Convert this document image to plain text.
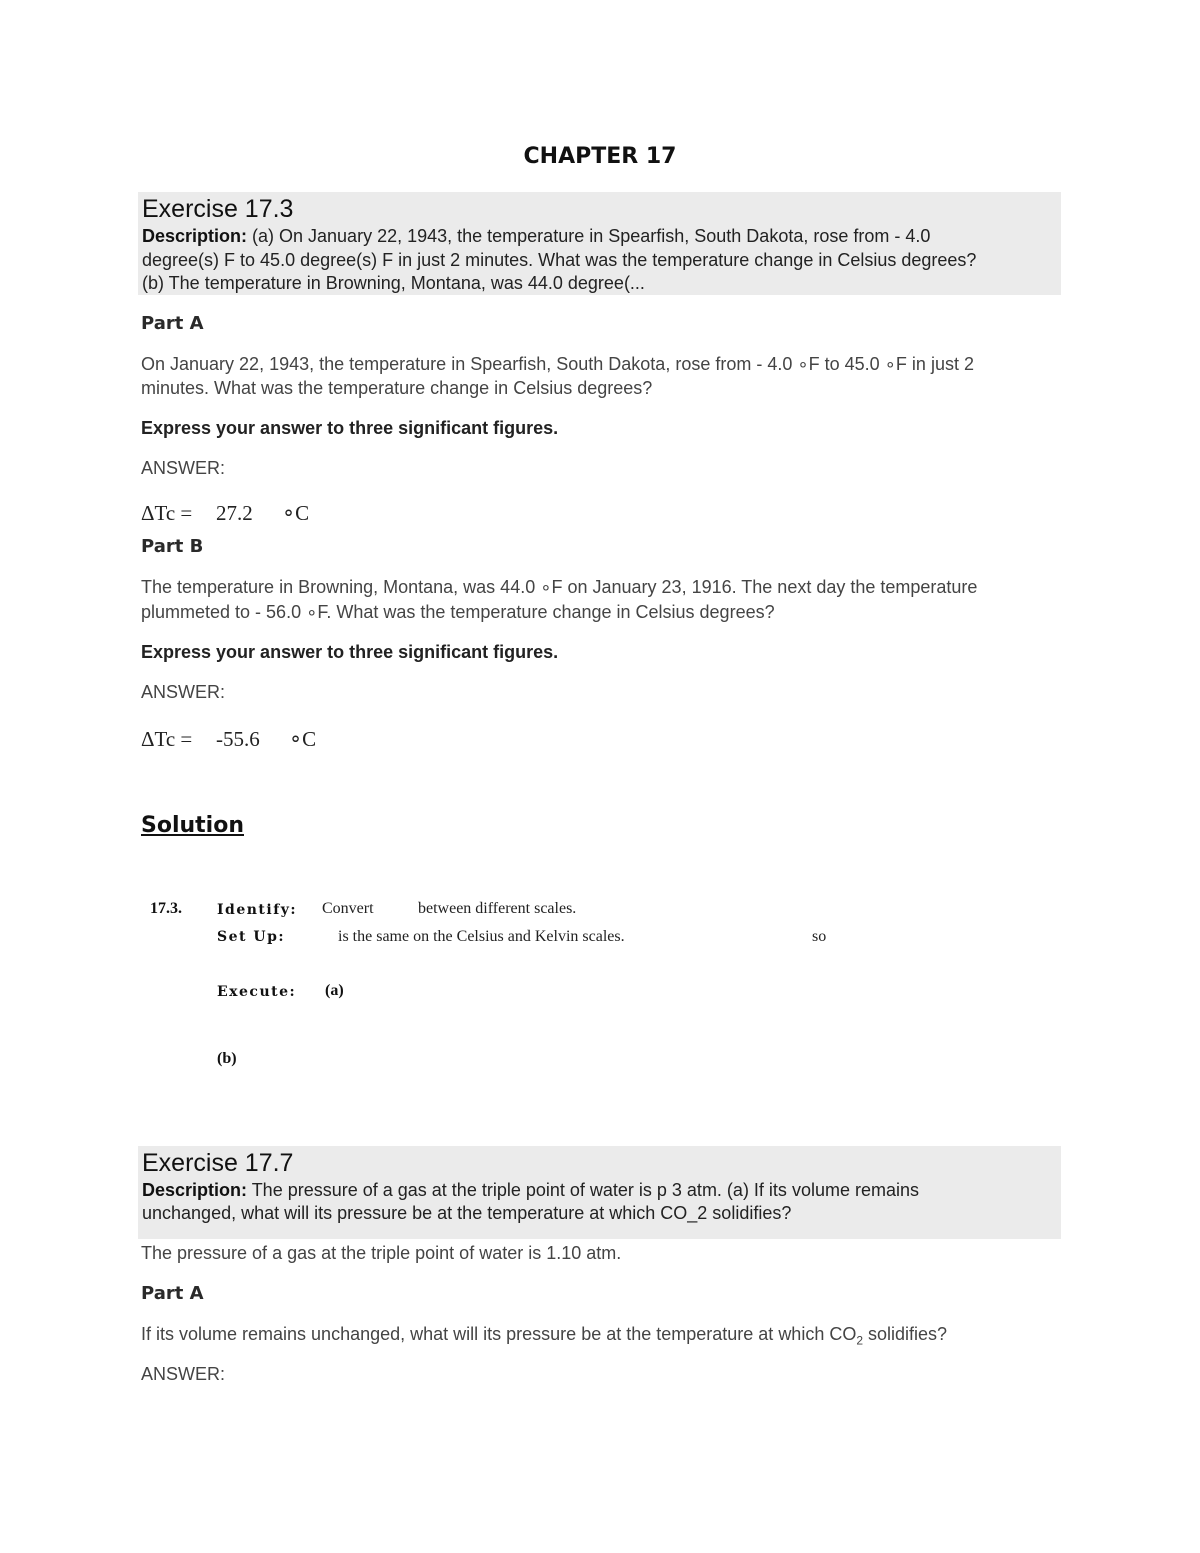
CHAPTER 17
Exercise 17.3
Description: (a) On January 22, 1943, the temperature in Spearfish, South Dakota, rose from - 4.0
degree(s) F to 45.0 degree(s) F in just 2 minutes. What was the temperature change in Celsius degrees?
(b) The temperature in Browning, Montana, was 44.0 degree(...
Part A
On January 22, 1943, the temperature in Spearfish, South Dakota, rose from - 4.0 ∘F to 45.0 ∘F in just 2
minutes. What was the temperature change in Celsius degrees?
Express your answer to three significant figures.
ANSWER:
ΔTc = 27.2 ∘C
Part B
The temperature in Browning, Montana, was 44.0 ∘F on January 23, 1916. The next day the temperature
plummeted to - 56.0 ∘F. What was the temperature change in Celsius degrees?
Express your answer to three significant figures.
ANSWER:
ΔTc = -55.6 ∘C
Solution
17.3.	Identify: Convert	between different scales.
Set Up:	is the same on the Celsius and Kelvin scales.	so
Execute: (a)
(b)
Exercise 17.7
Description: The pressure of a gas at the triple point of water is p 3 atm. (a) If its volume remains
unchanged, what will its pressure be at the temperature at which CO_2 solidifies?
The pressure of a gas at the triple point of water is 1.10 atm.
Part A
If its volume remains unchanged, what will its pressure be at the temperature at which $CO_2$ solidifies?
ANSWER:
